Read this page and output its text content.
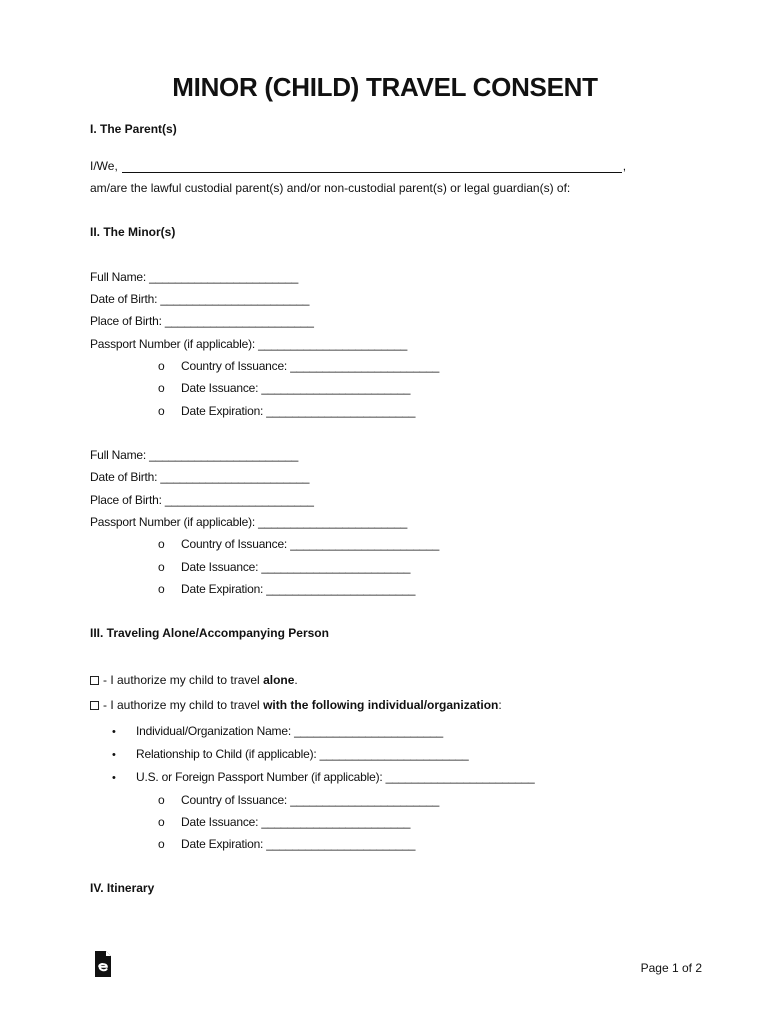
MINOR (CHILD) TRAVEL CONSENT
I. The Parent(s)
I/We,	,
am/are the lawful custodial parent(s) and/or non-custodial parent(s) or legal guardian(s) of:
II. The Minor(s)
Full Name: _______________________
Date of Birth: _______________________
Place of Birth: _______________________
Passport Number (if applicable): _______________________
o Country of Issuance: _______________________
o Date Issuance: _______________________
o Date Expiration: _______________________
Full Name: _______________________
Date of Birth: _______________________
Place of Birth: _______________________
Passport Number (if applicable): _______________________
o Country of Issuance: _______________________
o Date Issuance: _______________________
o Date Expiration: _______________________
III. Traveling Alone/Accompanying Person
- I authorize my child to travel alone.
- I authorize my child to travel with the following individual/organization:
• Individual/Organization Name: _______________________
• Relationship to Child (if applicable): _______________________
• U.S. or Foreign Passport Number (if applicable): _______________________
o Country of Issuance: _______________________
o Date Issuance: _______________________
o Date Expiration: _______________________
IV. Itinerary
Page 1 of 2
